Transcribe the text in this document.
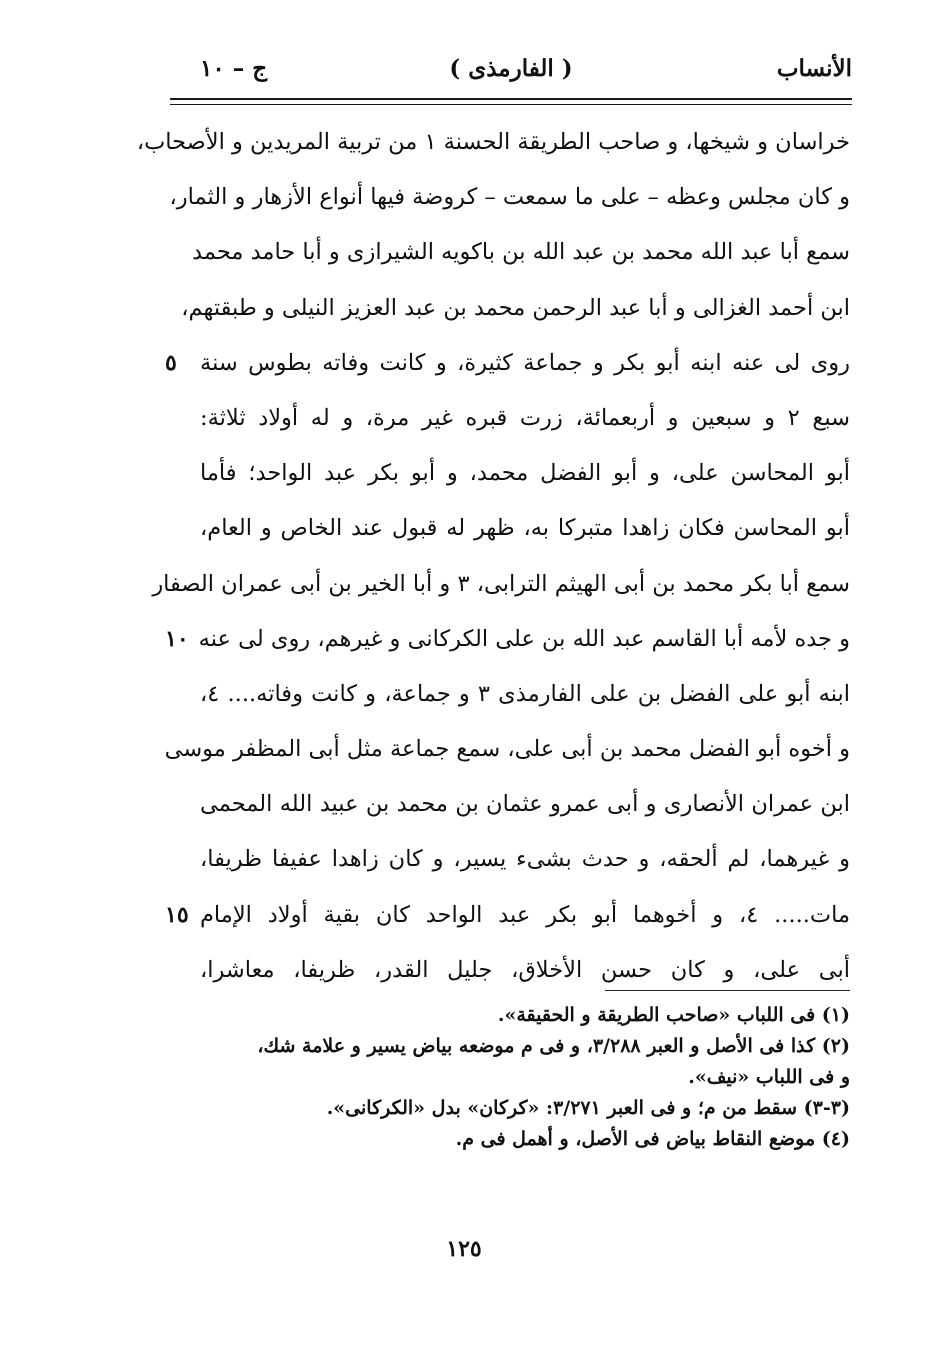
الأنساب
( الفارمذى )
ج – ١٠
خراسان و شيخها، و صاحب الطريقة الحسنة ١ من تربية المريدين و الأصحاب،
و كان مجلس وعظه – على ما سمعت – كروضة فيها أنواع الأزهار و الثمار،
سمع أبا عبد الله محمد بن عبد الله بن باكويه الشيرازى و أبا حامد محمد
ابن أحمد الغزالى و أبا عبد الرحمن محمد بن عبد العزيز النيلى و طبقتهم،
روى لى عنه ابنه أبو بكر و جماعة كثيرة، و كانت وفاته بطوس سنة
سبع ٢ و سبعين و أربعمائة، زرت قبره غير مرة، و له أولاد ثلاثة:
أبو المحاسن على، و أبو الفضل محمد، و أبو بكر عبد الواحد؛ فأما
أبو المحاسن فكان زاهدا متبركا به، ظهر له قبول عند الخاص و العام،
سمع أبا بكر محمد بن أبى الهيثم الترابى، ٣ و أبا الخير بن أبى عمران الصفار
و جده لأمه أبا القاسم عبد الله بن على الكركانى و غيرهم، روى لى عنه
ابنه أبو على الفضل بن على الفارمذى ٣ و جماعة، و كانت وفاته.... ٤،
و أخوه أبو الفضل محمد بن أبى على، سمع جماعة مثل أبى المظفر موسى
ابن عمران الأنصارى و أبى عمرو عثمان بن محمد بن عبيد الله المحمى
و غيرهما، لم ألحقه، و حدث بشىء يسير، و كان زاهدا عفيفا ظريفا،
مات..... ٤، و أخوهما أبو بكر عبد الواحد كان بقية أولاد الإمام
أبى على، و كان حسن الأخلاق، جليل القدر، ظريفا، معاشرا،
٥
١٠
١٥
(١) فى اللباب «صاحب الطريقة و الحقيقة».
(٢) كذا فى الأصل و العبر ٣/٢٨٨، و فى م موضعه بياض يسير و علامة شك،
و فى اللباب «نيف».
(٣-٣) سقط من م؛ و فى العبر ٣/٢٧١: «كركان» بدل «الكركانى».
(٤) موضع النقاط بياض فى الأصل، و أهمل فى م.
١٢٥
